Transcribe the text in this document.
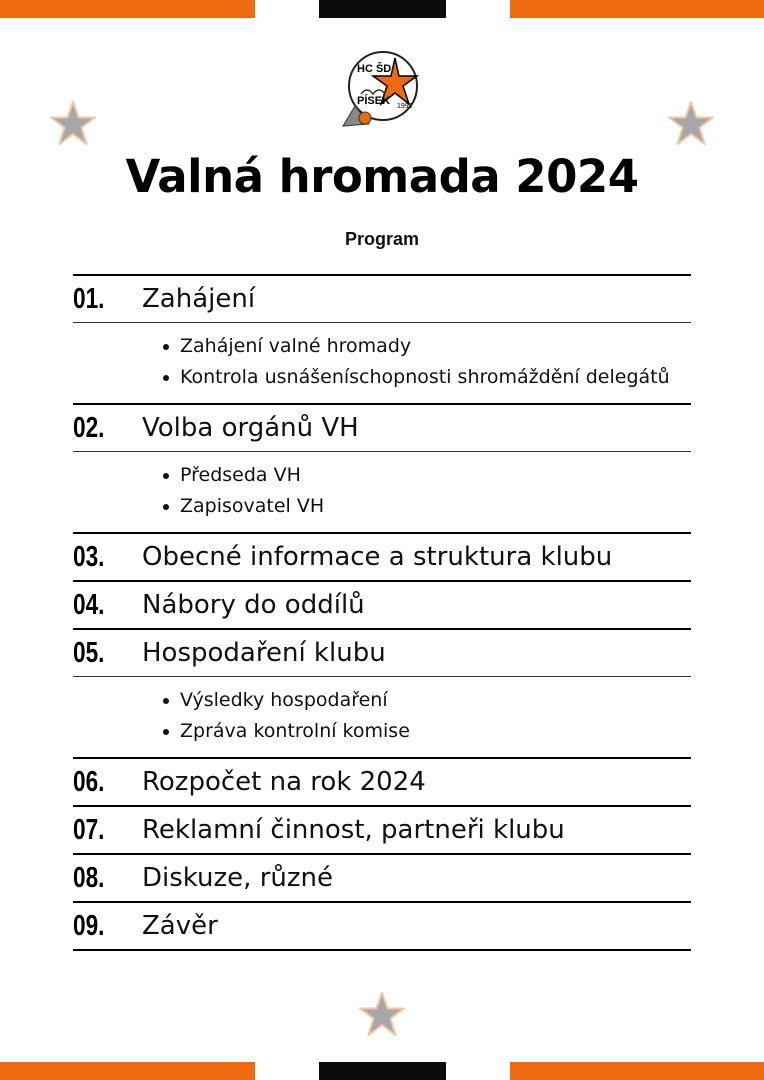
HC ŠD
PÍSEK 1992
Valná hromada 2024
Program
01.	Zahájení
Zahájení valné hromady
Kontrola usnášeníschopnosti shromáždění delegátů
02.	Volba orgánů VH
Předseda VH
Zapisovatel VH
03.	Obecné informace a struktura klubu
04.	Nábory do oddílů
05.	Hospodaření klubu
Výsledky hospodaření
Zpráva kontrolní komise
06.	Rozpočet na rok 2024
07.	Reklamní činnost, partneři klubu
08.	Diskuze, různé
09.	Závěr
